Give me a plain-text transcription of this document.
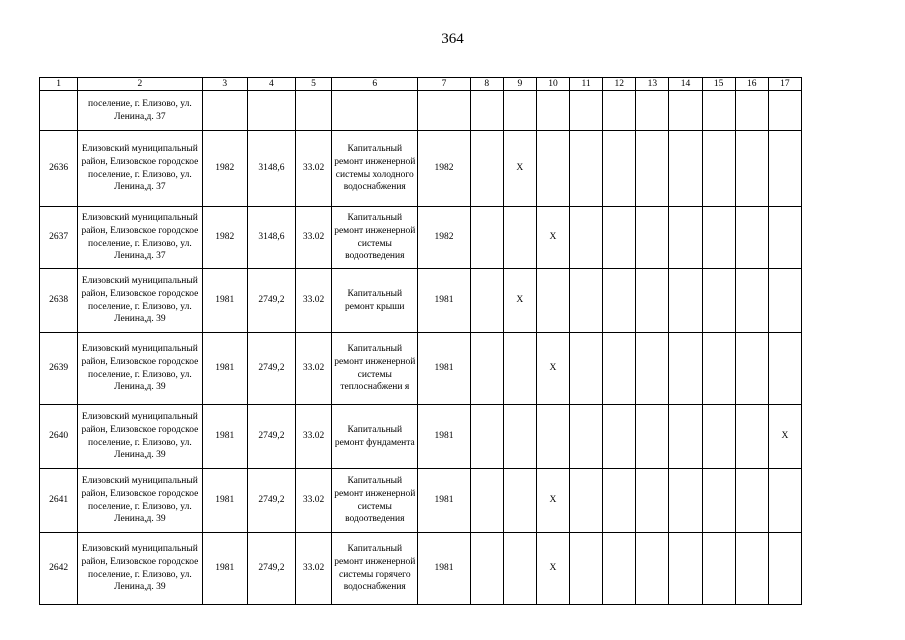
364
1	2	3	4	5	6	7	8	9	10	11	12	13	14	15	16	17
	поселение, г. Елизово, ул. Ленина,д. 37															
2636	Елизовский муниципальный район, Елизовское городское поселение, г. Елизово, ул. Ленина,д. 37	1982	3148,6	33.02	Капитальный ремонт инженерной системы холодного водоснабжения	1982		X								
2637	Елизовский муниципальный район, Елизовское городское поселение, г. Елизово, ул. Ленина,д. 37	1982	3148,6	33.02	Капитальный ремонт инженерной системы водоотведения	1982			X							
2638	Елизовский муниципальный район, Елизовское городское поселение, г. Елизово, ул. Ленина,д. 39	1981	2749,2	33.02	Капитальный ремонт крыши	1981		X								
2639	Елизовский муниципальный район, Елизовское городское поселение, г. Елизово, ул. Ленина,д. 39	1981	2749,2	33.02	Капитальный ремонт инженерной системы теплоснабжени я	1981			X							
2640	Елизовский муниципальный район, Елизовское городское поселение, г. Елизово, ул. Ленина,д. 39	1981	2749,2	33.02	Капитальный ремонт фундамента	1981										X
2641	Елизовский муниципальный район, Елизовское городское поселение, г. Елизово, ул. Ленина,д. 39	1981	2749,2	33.02	Капитальный ремонт инженерной системы водоотведения	1981			X							
2642	Елизовский муниципальный район, Елизовское городское поселение, г. Елизово, ул. Ленина,д. 39	1981	2749,2	33.02	Капитальный ремонт инженерной системы горячего водоснабжения	1981			X							
